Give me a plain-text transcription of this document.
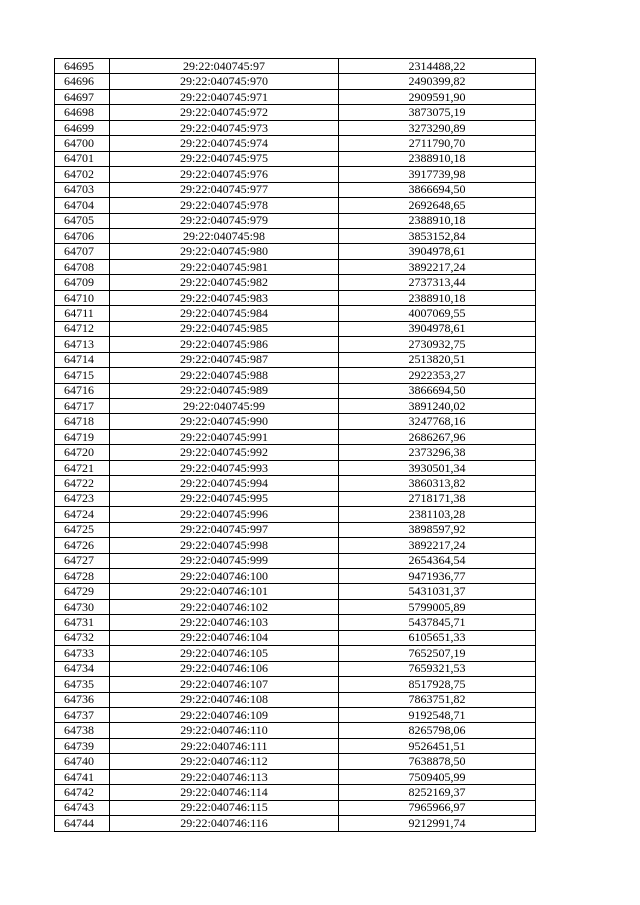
64695	29:22:040745:97	2314488,22
64696	29:22:040745:970	2490399,82
64697	29:22:040745:971	2909591,90
64698	29:22:040745:972	3873075,19
64699	29:22:040745:973	3273290,89
64700	29:22:040745:974	2711790,70
64701	29:22:040745:975	2388910,18
64702	29:22:040745:976	3917739,98
64703	29:22:040745:977	3866694,50
64704	29:22:040745:978	2692648,65
64705	29:22:040745:979	2388910,18
64706	29:22:040745:98	3853152,84
64707	29:22:040745:980	3904978,61
64708	29:22:040745:981	3892217,24
64709	29:22:040745:982	2737313,44
64710	29:22:040745:983	2388910,18
64711	29:22:040745:984	4007069,55
64712	29:22:040745:985	3904978,61
64713	29:22:040745:986	2730932,75
64714	29:22:040745:987	2513820,51
64715	29:22:040745:988	2922353,27
64716	29:22:040745:989	3866694,50
64717	29:22:040745:99	3891240,02
64718	29:22:040745:990	3247768,16
64719	29:22:040745:991	2686267,96
64720	29:22:040745:992	2373296,38
64721	29:22:040745:993	3930501,34
64722	29:22:040745:994	3860313,82
64723	29:22:040745:995	2718171,38
64724	29:22:040745:996	2381103,28
64725	29:22:040745:997	3898597,92
64726	29:22:040745:998	3892217,24
64727	29:22:040745:999	2654364,54
64728	29:22:040746:100	9471936,77
64729	29:22:040746:101	5431031,37
64730	29:22:040746:102	5799005,89
64731	29:22:040746:103	5437845,71
64732	29:22:040746:104	6105651,33
64733	29:22:040746:105	7652507,19
64734	29:22:040746:106	7659321,53
64735	29:22:040746:107	8517928,75
64736	29:22:040746:108	7863751,82
64737	29:22:040746:109	9192548,71
64738	29:22:040746:110	8265798,06
64739	29:22:040746:111	9526451,51
64740	29:22:040746:112	7638878,50
64741	29:22:040746:113	7509405,99
64742	29:22:040746:114	8252169,37
64743	29:22:040746:115	7965966,97
64744	29:22:040746:116	9212991,74
